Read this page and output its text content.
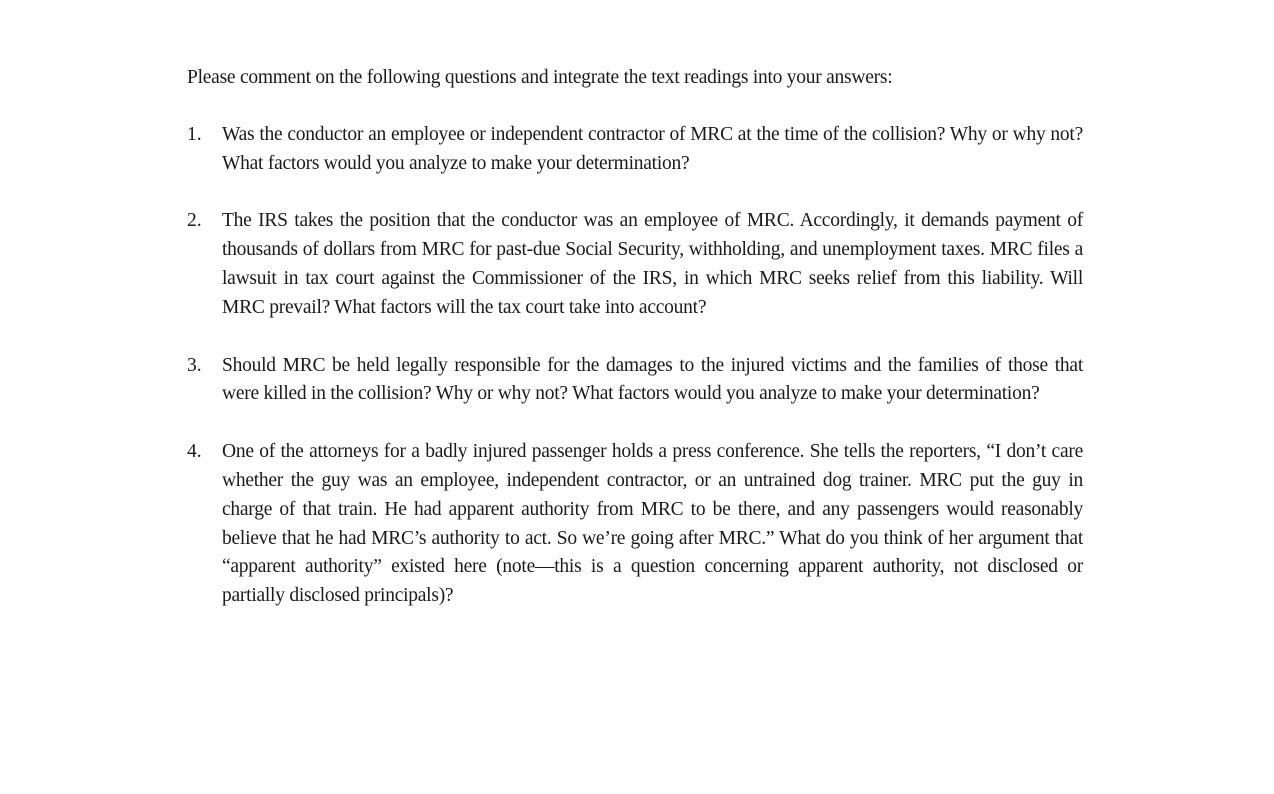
Please comment on the following questions and integrate the text readings into your answers:

1.	Was the conductor an employee or independent contractor of MRC at the time of the collision? Why or why not? What factors would you analyze to make your determination?
2.	The IRS takes the position that the conductor was an employee of MRC. Accordingly, it demands payment of thousands of dollars from MRC for past-due Social Security, withholding, and unemployment taxes. MRC files a lawsuit in tax court against the Commissioner of the IRS, in which MRC seeks relief from this liability. Will MRC prevail? What factors will the tax court take into account?
3.	Should MRC be held legally responsible for the damages to the injured victims and the families of those that were killed in the collision? Why or why not? What factors would you analyze to make your determination?
4.	One of the attorneys for a badly injured passenger holds a press conference. She tells the reporters, “I don’t care whether the guy was an employee, independent contractor, or an untrained dog trainer. MRC put the guy in charge of that train. He had apparent authority from MRC to be there, and any passengers would reasonably believe that he had MRC’s authority to act. So we’re going after MRC.” What do you think of her argument that “apparent authority” existed here (note—this is a question concerning apparent authority, not disclosed or partially disclosed principals)?
